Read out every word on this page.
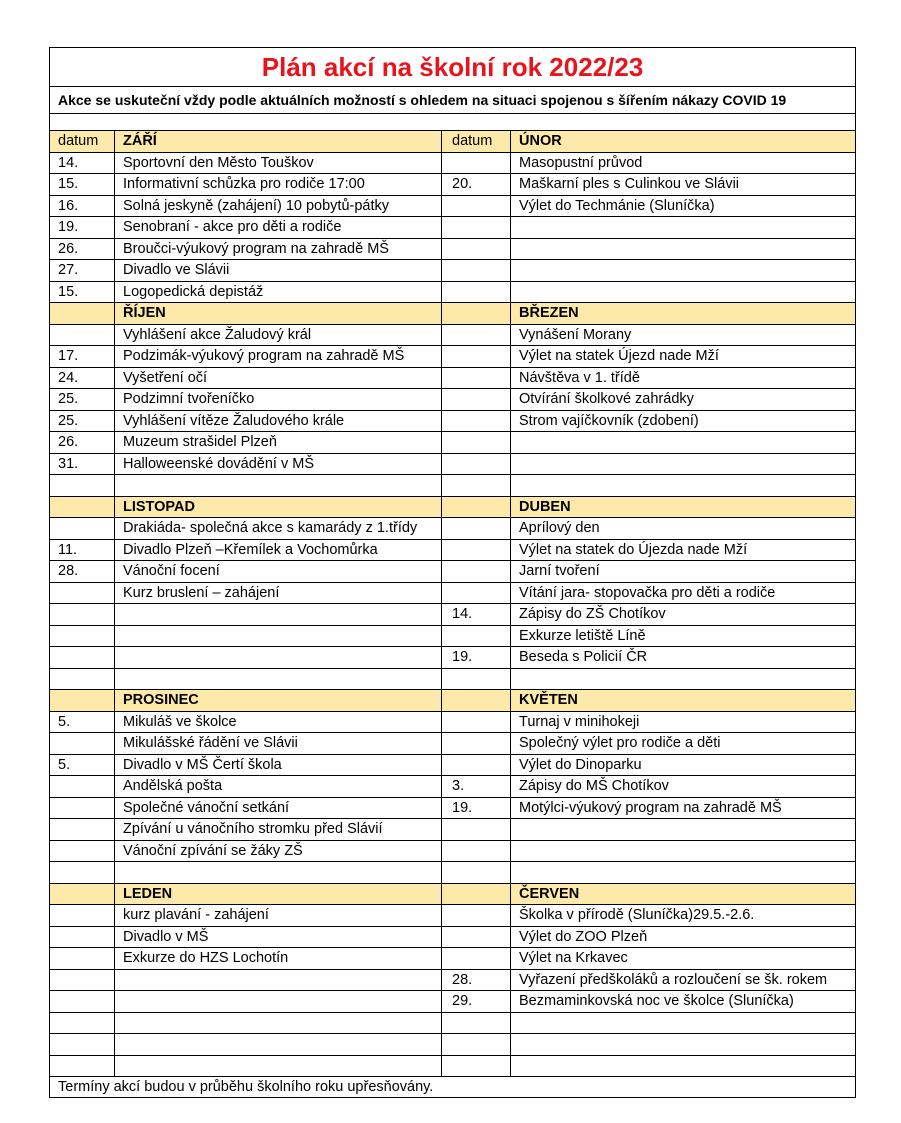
Plán akcí na školní rok 2022/23			
Akce se uskuteční vždy podle aktuálních možností s ohledem na situaci spojenou s šířením nákazy COVID 19			

datum	ZÁŘÍ	datum	ÚNOR
14.	Sportovní den Město Touškov		Masopustní průvod
15.	Informativní schůzka pro rodiče 17:00	20.	Maškarní ples s Culinkou ve Slávii
16.	Solná jeskyně (zahájení) 10 pobytů-pátky		Výlet do Techmánie (Sluníčka)
19.	Senobraní - akce pro děti a rodiče		
26.	Broučci-výukový program na zahradě MŠ		
27.	Divadlo ve Slávii		
15.	Logopedická depistáž		
	ŘÍJEN		BŘEZEN
	Vyhlášení akce Žaludový král		Vynášení Morany
17.	Podzimák-výukový program na zahradě MŠ		Výlet na statek Újezd nade Mží
24.	Vyšetření očí		Návštěva v 1. třídě
25.	Podzimní tvořeníčko		Otvírání školkové zahrádky
25.	Vyhlášení vítěze Žaludového krále		Strom vajíčkovník (zdobení)
26.	Muzeum strašidel Plzeň		
31.	Halloweenské dovádění v MŠ		

	LISTOPAD		DUBEN
	Drakiáda- společná akce s kamarády z 1.třídy		Aprílový den
11.	Divadlo Plzeň –Křemílek a Vochomůrka		Výlet na statek do Újezda nade Mží
28.	Vánoční focení		Jarní tvoření
	Kurz bruslení – zahájení		Vítání jara- stopovačka pro děti a rodiče
		14.	Zápisy do ZŠ Chotíkov
			Exkurze letiště Líně
		19.	Beseda s Policií ČR

	PROSINEC		KVĚTEN
5.	Mikuláš ve školce		Turnaj v minihokeji
	Mikulášské řádění ve Slávii		Společný výlet pro rodiče a děti
5.	Divadlo v MŠ Čertí škola		Výlet do Dinoparku
	Andělská pošta	3.	Zápisy do MŠ Chotíkov
	Společné vánoční setkání	19.	Motýlci-výukový program na zahradě MŠ
	Zpívání u vánočního stromku před Slávií		
	Vánoční zpívání se žáky ZŠ		

	LEDEN		ČERVEN
	kurz plavání - zahájení		Školka v přírodě (Sluníčka)29.5.-2.6.
	Divadlo v MŠ		Výlet do ZOO Plzeň
	Exkurze do HZS Lochotín		Výlet na Krkavec
		28.	Vyřazení předškoláků a rozloučení se šk. rokem
		29.	Bezmaminkovská noc ve školce (Sluníčka)

Termíny akcí budou v průběhu školního roku upřesňovány.			
